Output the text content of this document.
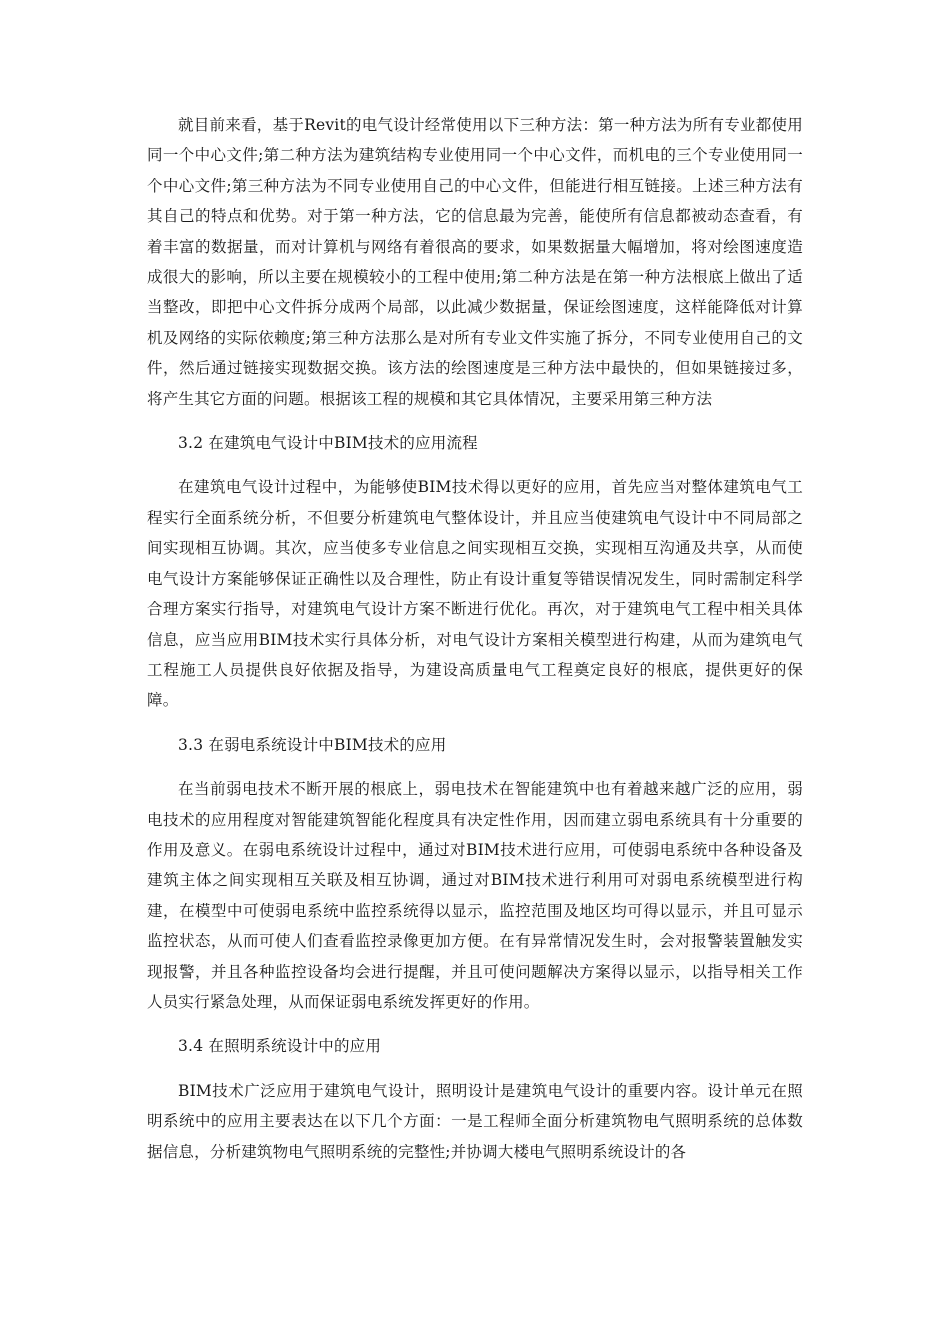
就目前来看，基于Revit的电气设计经常使用以下三种方法：第一种方法为所有专业都使用同一个中心文件;第二种方法为建筑结构专业使用同一个中心文件，而机电的三个专业使用同一个中心文件;第三种方法为不同专业使用自己的中心文件，但能进行相互链接。上述三种方法有其自己的特点和优势。对于第一种方法，它的信息最为完善，能使所有信息都被动态查看，有着丰富的数据量，而对计算机与网络有着很高的要求，如果数据量大幅增加，将对绘图速度造成很大的影响，所以主要在规模较小的工程中使用;第二种方法是在第一种方法根底上做出了适当整改，即把中心文件拆分成两个局部，以此减少数据量，保证绘图速度，这样能降低对计算机及网络的实际依赖度;第三种方法那么是对所有专业文件实施了拆分，不同专业使用自己的文件，然后通过链接实现数据交换。该方法的绘图速度是三种方法中最快的，但如果链接过多，将产生其它方面的问题。根据该工程的规模和其它具体情况，主要采用第三种方法

3.2 在建筑电气设计中BIM技术的应用流程

在建筑电气设计过程中，为能够使BIM技术得以更好的应用，首先应当对整体建筑电气工程实行全面系统分析，不但要分析建筑电气整体设计，并且应当使建筑电气设计中不同局部之间实现相互协调。其次，应当使多专业信息之间实现相互交换，实现相互沟通及共享，从而使电气设计方案能够保证正确性以及合理性，防止有设计重复等错误情况发生，同时需制定科学合理方案实行指导，对建筑电气设计方案不断进行优化。再次，对于建筑电气工程中相关具体信息，应当应用BIM技术实行具体分析，对电气设计方案相关模型进行构建，从而为建筑电气工程施工人员提供良好依据及指导，为建设高质量电气工程奠定良好的根底，提供更好的保障。

3.3 在弱电系统设计中BIM技术的应用

在当前弱电技术不断开展的根底上，弱电技术在智能建筑中也有着越来越广泛的应用，弱电技术的应用程度对智能建筑智能化程度具有决定性作用，因而建立弱电系统具有十分重要的作用及意义。在弱电系统设计过程中，通过对BIM技术进行应用，可使弱电系统中各种设备及建筑主体之间实现相互关联及相互协调，通过对BIM技术进行利用可对弱电系统模型进行构建，在模型中可使弱电系统中监控系统得以显示，监控范围及地区均可得以显示，并且可显示监控状态，从而可使人们查看监控录像更加方便。在有异常情况发生时，会对报警装置触发实现报警，并且各种监控设备均会进行提醒，并且可使问题解决方案得以显示，以指导相关工作人员实行紧急处理，从而保证弱电系统发挥更好的作用。

3.4 在照明系统设计中的应用

BIM技术广泛应用于建筑电气设计，照明设计是建筑电气设计的重要内容。设计单元在照明系统中的应用主要表达在以下几个方面：一是工程师全面分析建筑物电气照明系统的总体数据信息，分析建筑物电气照明系统的完整性;并协调大楼电气照明系统设计的各
